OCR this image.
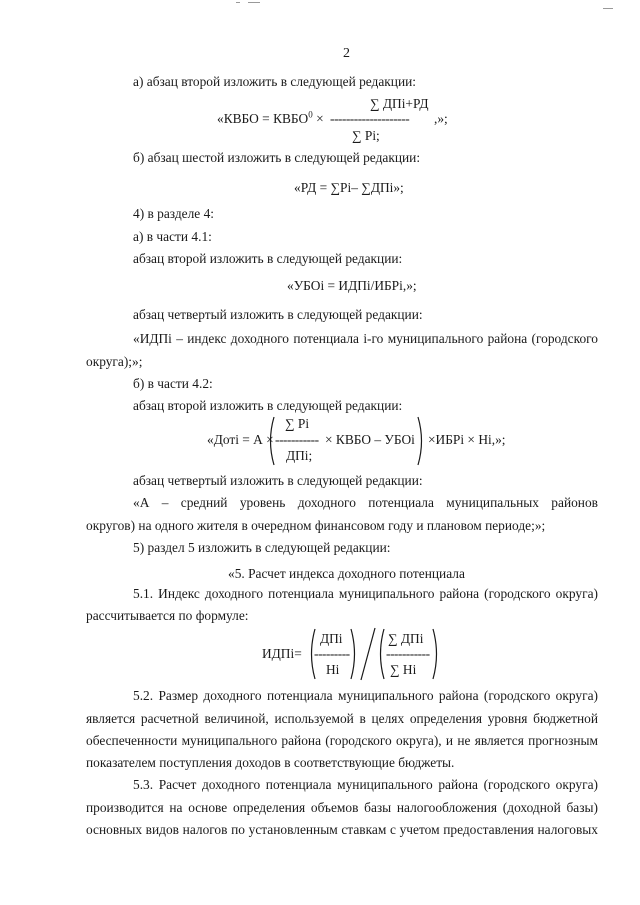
2
а) абзац второй изложить в следующей редакции:
«КВБО = $КВБО^0$ ×
∑ ДПi+РД
-------------------- ,»;
∑ Pi;
б) абзац шестой изложить в следующей редакции:
«РД = ∑Pi– ∑ДПi»;
4) в разделе 4:
а) в части 4.1:
абзац второй изложить в следующей редакции:
«УБОi = ИДПi/ИБРi,»;
абзац четвертый изложить в следующей редакции:
«ИДПi – индекс доходного потенциала i-го муниципального района (городского
округа);»;
б) в части 4.2:
абзац второй изложить в следующей редакции:
«Дотi = А ×
∑ Pi
-----------
ДПi;
× КВБО – УБОi ×ИБРi × Hi,»;
абзац четвертый изложить в следующей редакции:
«А – средний уровень доходного потенциала муниципальных районов
округов) на одного жителя в очередном финансовом году и плановом периоде;»;
5) раздел 5 изложить в следующей редакции:
«5. Расчет индекса доходного потенциала
5.1. Индекс доходного потенциала муниципального района (городского округа)
рассчитывается по формуле:
ИДПi=
ДПi
---------
Hi
∑ ДПi
-----------
∑ Hi
5.2. Размер доходного потенциала муниципального района (городского округа)
является расчетной величиной, используемой в целях определения уровня бюджетной
обеспеченности муниципального района (городского округа), и не является прогнозным
показателем поступления доходов в соответствующие бюджеты.
5.3. Расчет доходного потенциала муниципального района (городского округа)
производится на основе определения объемов базы налогообложения (доходной базы)
основных видов налогов по установленным ставкам с учетом предоставления налоговых
